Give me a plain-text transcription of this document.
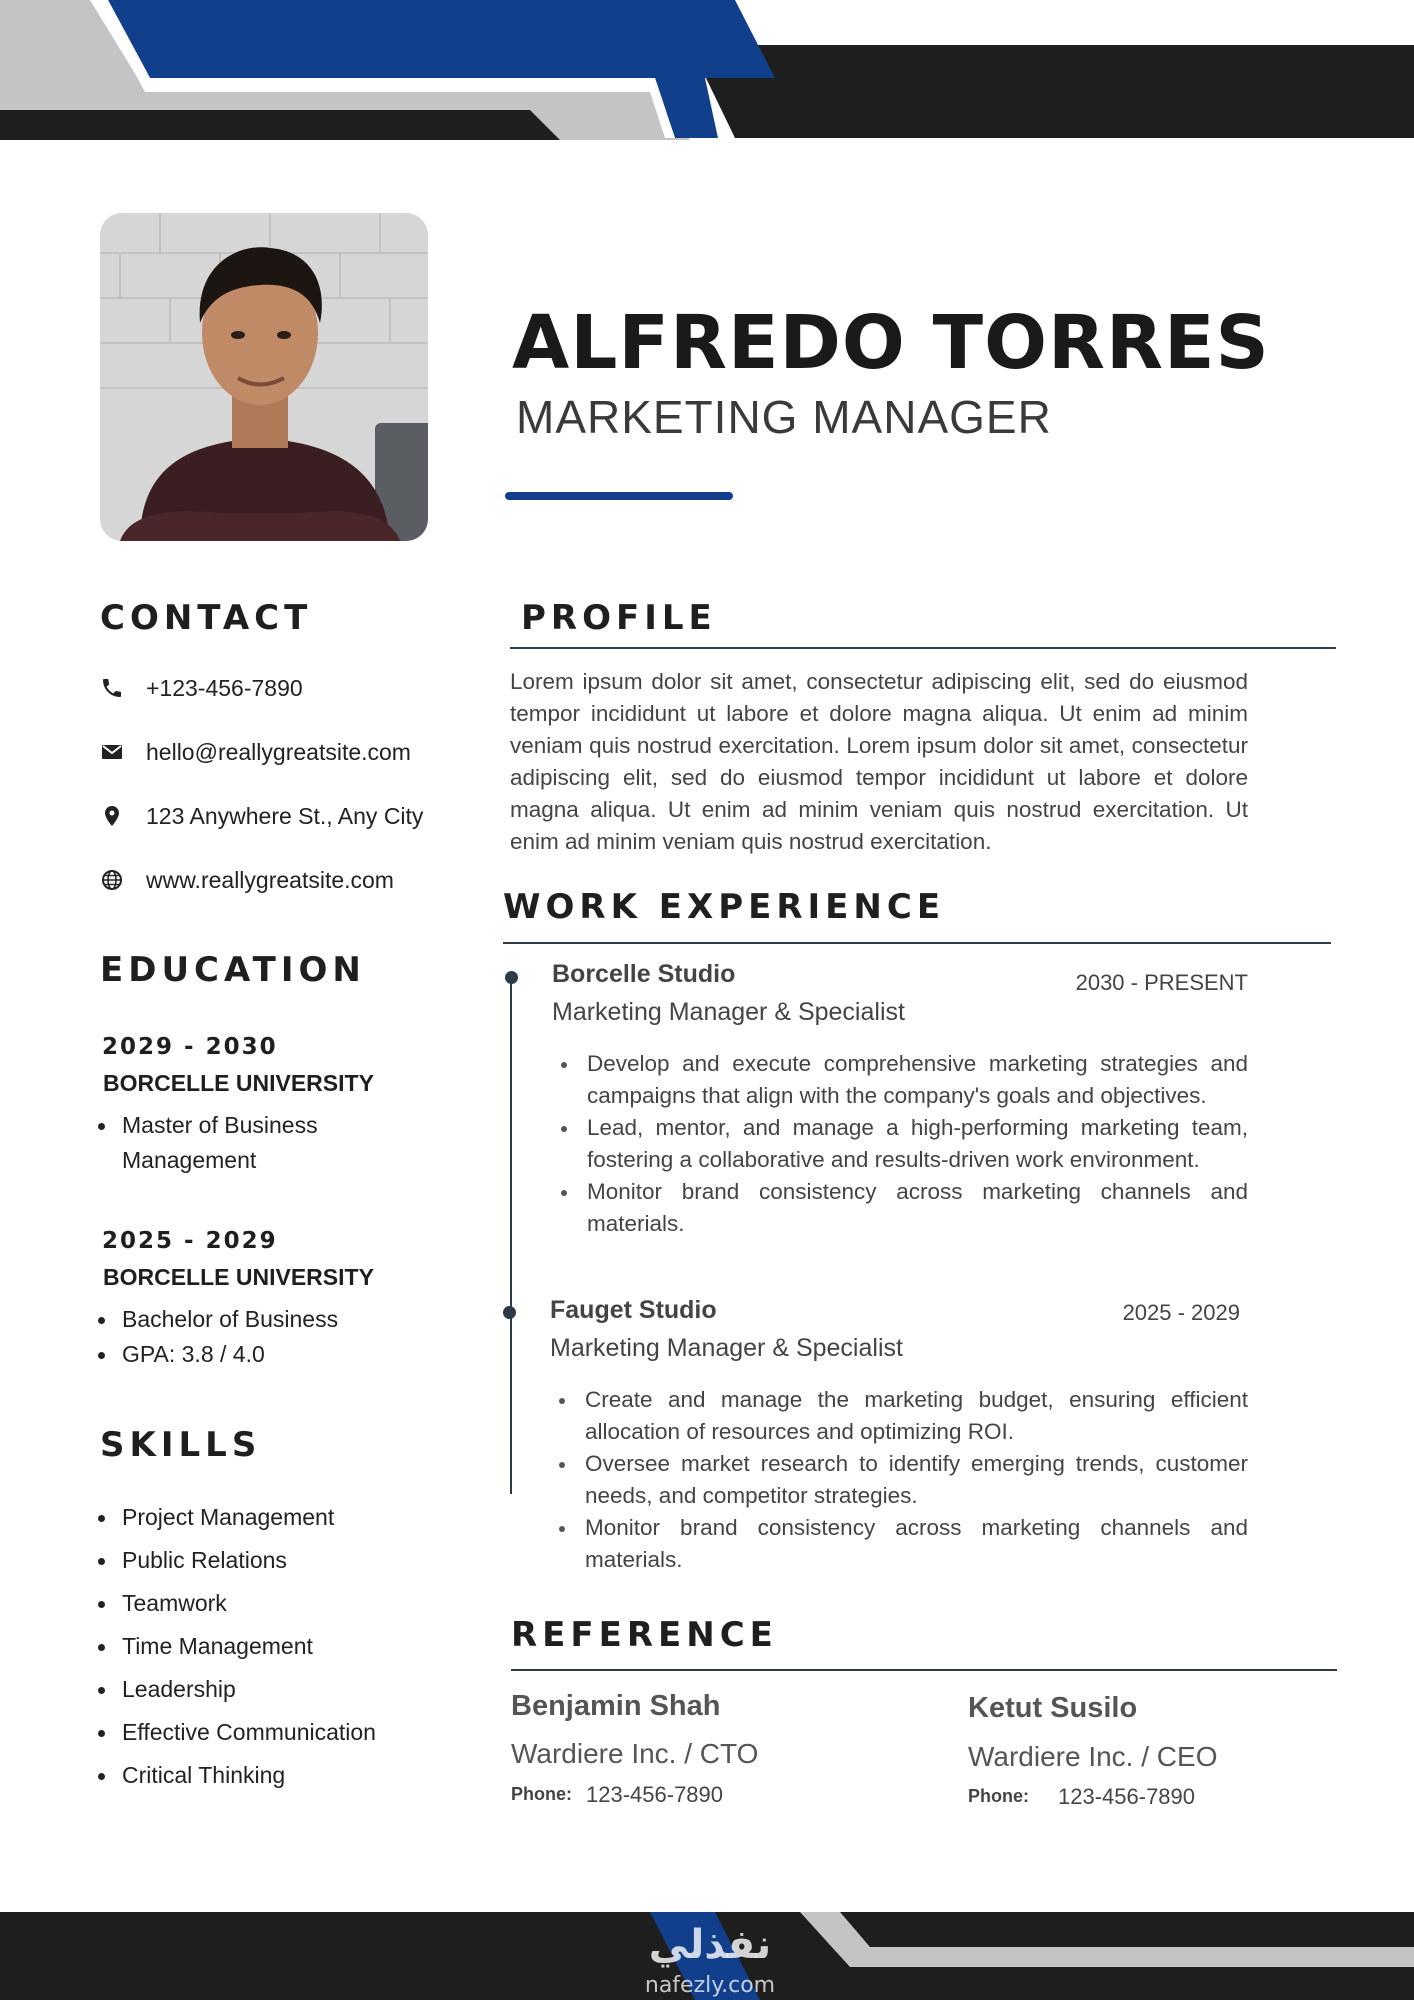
ALFREDO TORRES
MARKETING MANAGER
CONTACT
+123-456-7890
hello@reallygreatsite.com
123 Anywhere St., Any City
www.reallygreatsite.com
EDUCATION
2029 - 2030
BORCELLE UNIVERSITY
Master of Business Management
2025 - 2029
BORCELLE UNIVERSITY
Bachelor of Business
GPA: 3.8 / 4.0
SKILLS
Project Management
Public Relations
Teamwork
Time Management
Leadership
Effective Communication
Critical Thinking
PROFILE

Lorem ipsum dolor sit amet, consectetur adipiscing elit, sed do eiusmod tempor incididunt ut labore et dolore magna aliqua. Ut enim ad minim veniam quis nostrud exercitation. Lorem ipsum dolor sit amet, consectetur adipiscing elit, sed do eiusmod tempor incididunt ut labore et dolore magna aliqua. Ut enim ad minim veniam quis nostrud exercitation. Ut enim ad minim veniam quis nostrud exercitation.

WORK EXPERIENCE
Borcelle Studio	2030 - PRESENT
Marketing Manager & Specialist
Develop and execute comprehensive marketing strategies and campaigns that align with the company's goals and objectives.
Lead, mentor, and manage a high-performing marketing team, fostering a collaborative and results-driven work environment.
Monitor brand consistency across marketing channels and materials.
Fauget Studio	2025 - 2029
Marketing Manager & Specialist
Create and manage the marketing budget, ensuring efficient allocation of resources and optimizing ROI.
Oversee market research to identify emerging trends, customer needs, and competitor strategies.
Monitor brand consistency across marketing channels and materials.
REFERENCE
Benjamin Shah
Wardiere Inc. / CTO
Phone: 123-456-7890
Ketut Susilo
Wardiere Inc. / CEO
Phone: 123-456-7890
نفذلي
nafezly.com
